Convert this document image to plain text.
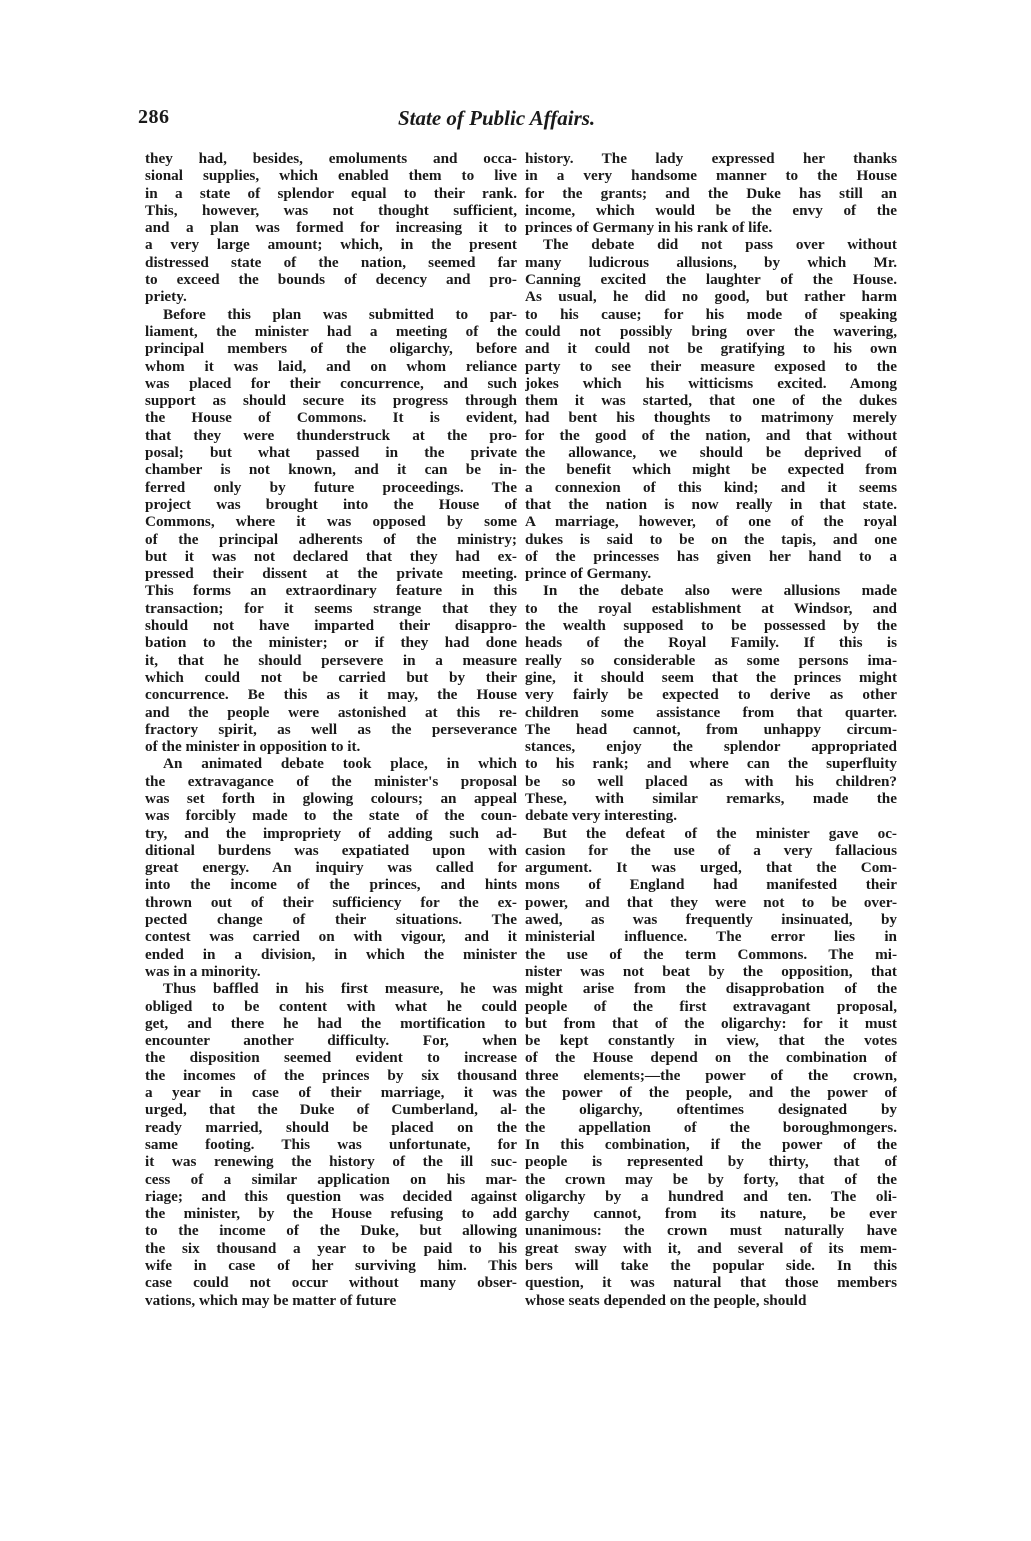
286	State of Public Affairs.
they had, besides, emoluments and occa-
sional supplies, which enabled them to live
in a state of splendor equal to their rank.
This, however, was not thought sufficient,
and a plan was formed for increasing it to
a very large amount; which, in the present
distressed state of the nation, seemed far
to exceed the bounds of decency and pro-
priety.
Before this plan was submitted to par-
liament, the minister had a meeting of the
principal members of the oligarchy, before
whom it was laid, and on whom reliance
was placed for their concurrence, and such
support as should secure its progress through
the House of Commons. It is evident,
that they were thunderstruck at the pro-
posal; but what passed in the private
chamber is not known, and it can be in-
ferred only by future proceedings. The
project was brought into the House of
Commons, where it was opposed by some
of the principal adherents of the ministry;
but it was not declared that they had ex-
pressed their dissent at the private meeting.
This forms an extraordinary feature in this
transaction; for it seems strange that they
should not have imparted their disappro-
bation to the minister; or if they had done
it, that he should persevere in a measure
which could not be carried but by their
concurrence. Be this as it may, the House
and the people were astonished at this re-
fractory spirit, as well as the perseverance
of the minister in opposition to it.
An animated debate took place, in which
the extravagance of the minister's proposal
was set forth in glowing colours; an appeal
was forcibly made to the state of the coun-
try, and the impropriety of adding such ad-
ditional burdens was expatiated upon with
great energy. An inquiry was called for
into the income of the princes, and hints
thrown out of their sufficiency for the ex-
pected change of their situations. The
contest was carried on with vigour, and it
ended in a division, in which the minister
was in a minority.
Thus baffled in his first measure, he was
obliged to be content with what he could
get, and there he had the mortification to
encounter another difficulty. For, when
the disposition seemed evident to increase
the incomes of the princes by six thousand
a year in case of their marriage, it was
urged, that the Duke of Cumberland, al-
ready married, should be placed on the
same footing. This was unfortunate, for
it was renewing the history of the ill suc-
cess of a similar application on his mar-
riage; and this question was decided against
the minister, by the House refusing to add
to the income of the Duke, but allowing
the six thousand a year to be paid to his
wife in case of her surviving him. This
case could not occur without many obser-
vations, which may be matter of future
history. The lady expressed her thanks
in a very handsome manner to the House
for the grants; and the Duke has still an
income, which would be the envy of the
princes of Germany in his rank of life.
The debate did not pass over without
many ludicrous allusions, by which Mr.
Canning excited the laughter of the House.
As usual, he did no good, but rather harm
to his cause; for his mode of speaking
could not possibly bring over the wavering,
and it could not be gratifying to his own
party to see their measure exposed to the
jokes which his witticisms excited. Among
them it was started, that one of the dukes
had bent his thoughts to matrimony merely
for the good of the nation, and that without
the allowance, we should be deprived of
the benefit which might be expected from
a connexion of this kind; and it seems
that the nation is now really in that state.
A marriage, however, of one of the royal
dukes is said to be on the tapis, and one
of the princesses has given her hand to a
prince of Germany.
In the debate also were allusions made
to the royal establishment at Windsor, and
the wealth supposed to be possessed by the
heads of the Royal Family. If this is
really so considerable as some persons ima-
gine, it should seem that the princes might
very fairly be expected to derive as other
children some assistance from that quarter.
The head cannot, from unhappy circum-
stances, enjoy the splendor appropriated
to his rank; and where can the superfluity
be so well placed as with his children?
These, with similar remarks, made the
debate very interesting.
But the defeat of the minister gave oc-
casion for the use of a very fallacious
argument. It was urged, that the Com-
mons of England had manifested their
power, and that they were not to be over-
awed, as was frequently insinuated, by
ministerial influence. The error lies in
the use of the term Commons. The mi-
nister was not beat by the opposition, that
might arise from the disapprobation of the
people of the first extravagant proposal,
but from that of the oligarchy: for it must
be kept constantly in view, that the votes
of the House depend on the combination of
three elements;—the power of the crown,
the power of the people, and the power of
the oligarchy, oftentimes designated by
the appellation of the boroughmongers.
In this combination, if the power of the
people is represented by thirty, that of
the crown may be by forty, that of the
oligarchy by a hundred and ten. The oli-
garchy cannot, from its nature, be ever
unanimous: the crown must naturally have
great sway with it, and several of its mem-
bers will take the popular side. In this
question, it was natural that those members
whose seats depended on the people, should
